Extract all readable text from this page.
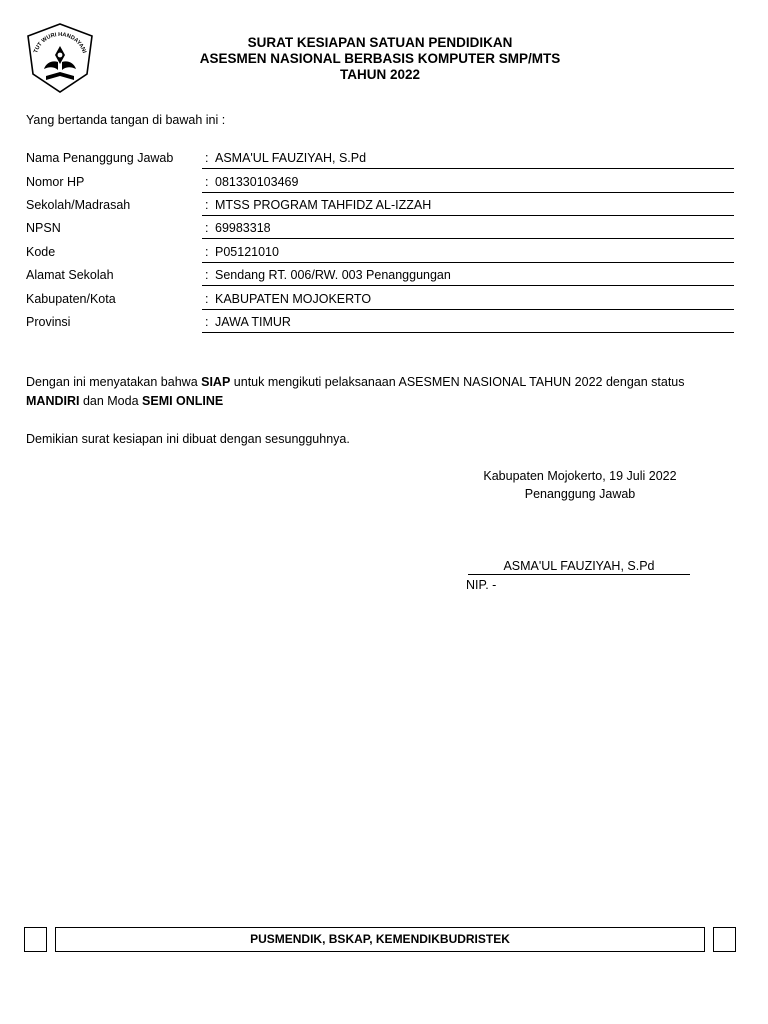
TUT WURI HANDAYANI
SURAT KESIAPAN SATUAN PENDIDIKAN
ASESMEN NASIONAL BERBASIS KOMPUTER SMP/MTS
TAHUN 2022
Yang bertanda tangan di bawah ini :
Nama Penanggung Jawab	: ASMA'UL FAUZIYAH, S.Pd
Nomor HP	: 081330103469
Sekolah/Madrasah	: MTSS PROGRAM TAHFIDZ AL-IZZAH
NPSN	: 69983318
Kode	: P05121010
Alamat Sekolah	: Sendang RT. 006/RW. 003 Penanggungan
Kabupaten/Kota	: KABUPATEN MOJOKERTO
Provinsi	: JAWA TIMUR
Dengan ini menyatakan bahwa SIAP untuk mengikuti pelaksanaan ASESMEN NASIONAL TAHUN 2022 dengan status MANDIRI dan Moda SEMI ONLINE
Demikian surat kesiapan ini dibuat dengan sesungguhnya.
Kabupaten Mojokerto, 19 Juli 2022
Penanggung Jawab
ASMA'UL FAUZIYAH, S.Pd
NIP. -
PUSMENDIK, BSKAP, KEMENDIKBUDRISTEK
